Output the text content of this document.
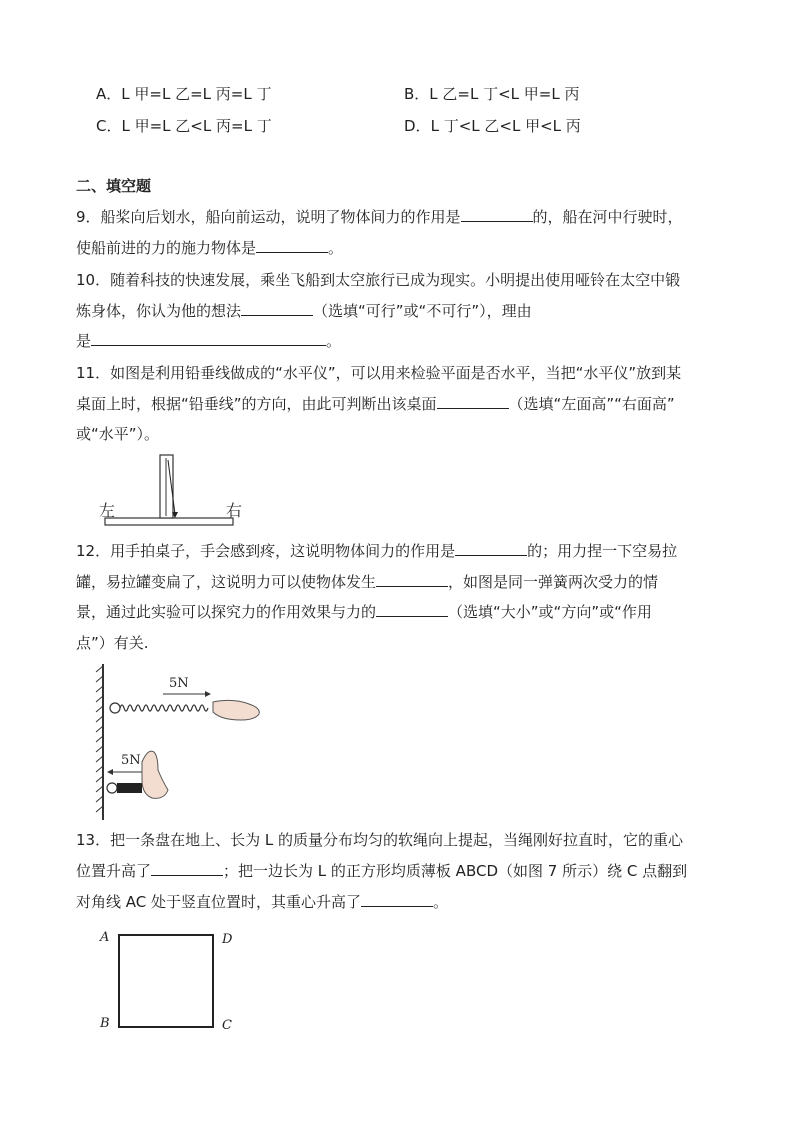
A．L 甲=L 乙=L 丙=L 丁	B．L 乙=L 丁<L 甲=L 丙
C．L 甲=L 乙<L 丙=L 丁	D．L 丁<L 乙<L 甲<L 丙
二、填空题
9．船桨向后划水，船向前运动，说明了物体间力的作用是	的，船在河中行驶时，
使船前进的力的施力物体是	。
10．随着科技的快速发展，乘坐飞船到太空旅行已成为现实。小明提出使用哑铃在太空中锻
炼身体，你认为他的想法	（选填“可行”或“不可行”），理由
是	。
11．如图是利用铅垂线做成的“水平仪”，可以用来检验平面是否水平，当把“水平仪”放到某
桌面上时，根据“铅垂线”的方向，由此可判断出该桌面	（选填“左面高”“右面高”
或“水平”）。
左	右
12．用手拍桌子，手会感到疼，这说明物体间力的作用是	的；用力捏一下空易拉
罐，易拉罐变扁了，这说明力可以使物体发生	，如图是同一弹簧两次受力的情
景，通过此实验可以探究力的作用效果与力的	（选填“大小”或“方向”或“作用
点”）有关.
5N
5N
13．把一条盘在地上、长为 L 的质量分布均匀的软绳向上提起，当绳刚好拉直时，它的重心
位置升高了	；把一边长为 L 的正方形均质薄板 ABCD（如图 7 所示）绕 C 点翻到
对角线 AC 处于竖直位置时，其重心升高了	。
A
B	C
D
